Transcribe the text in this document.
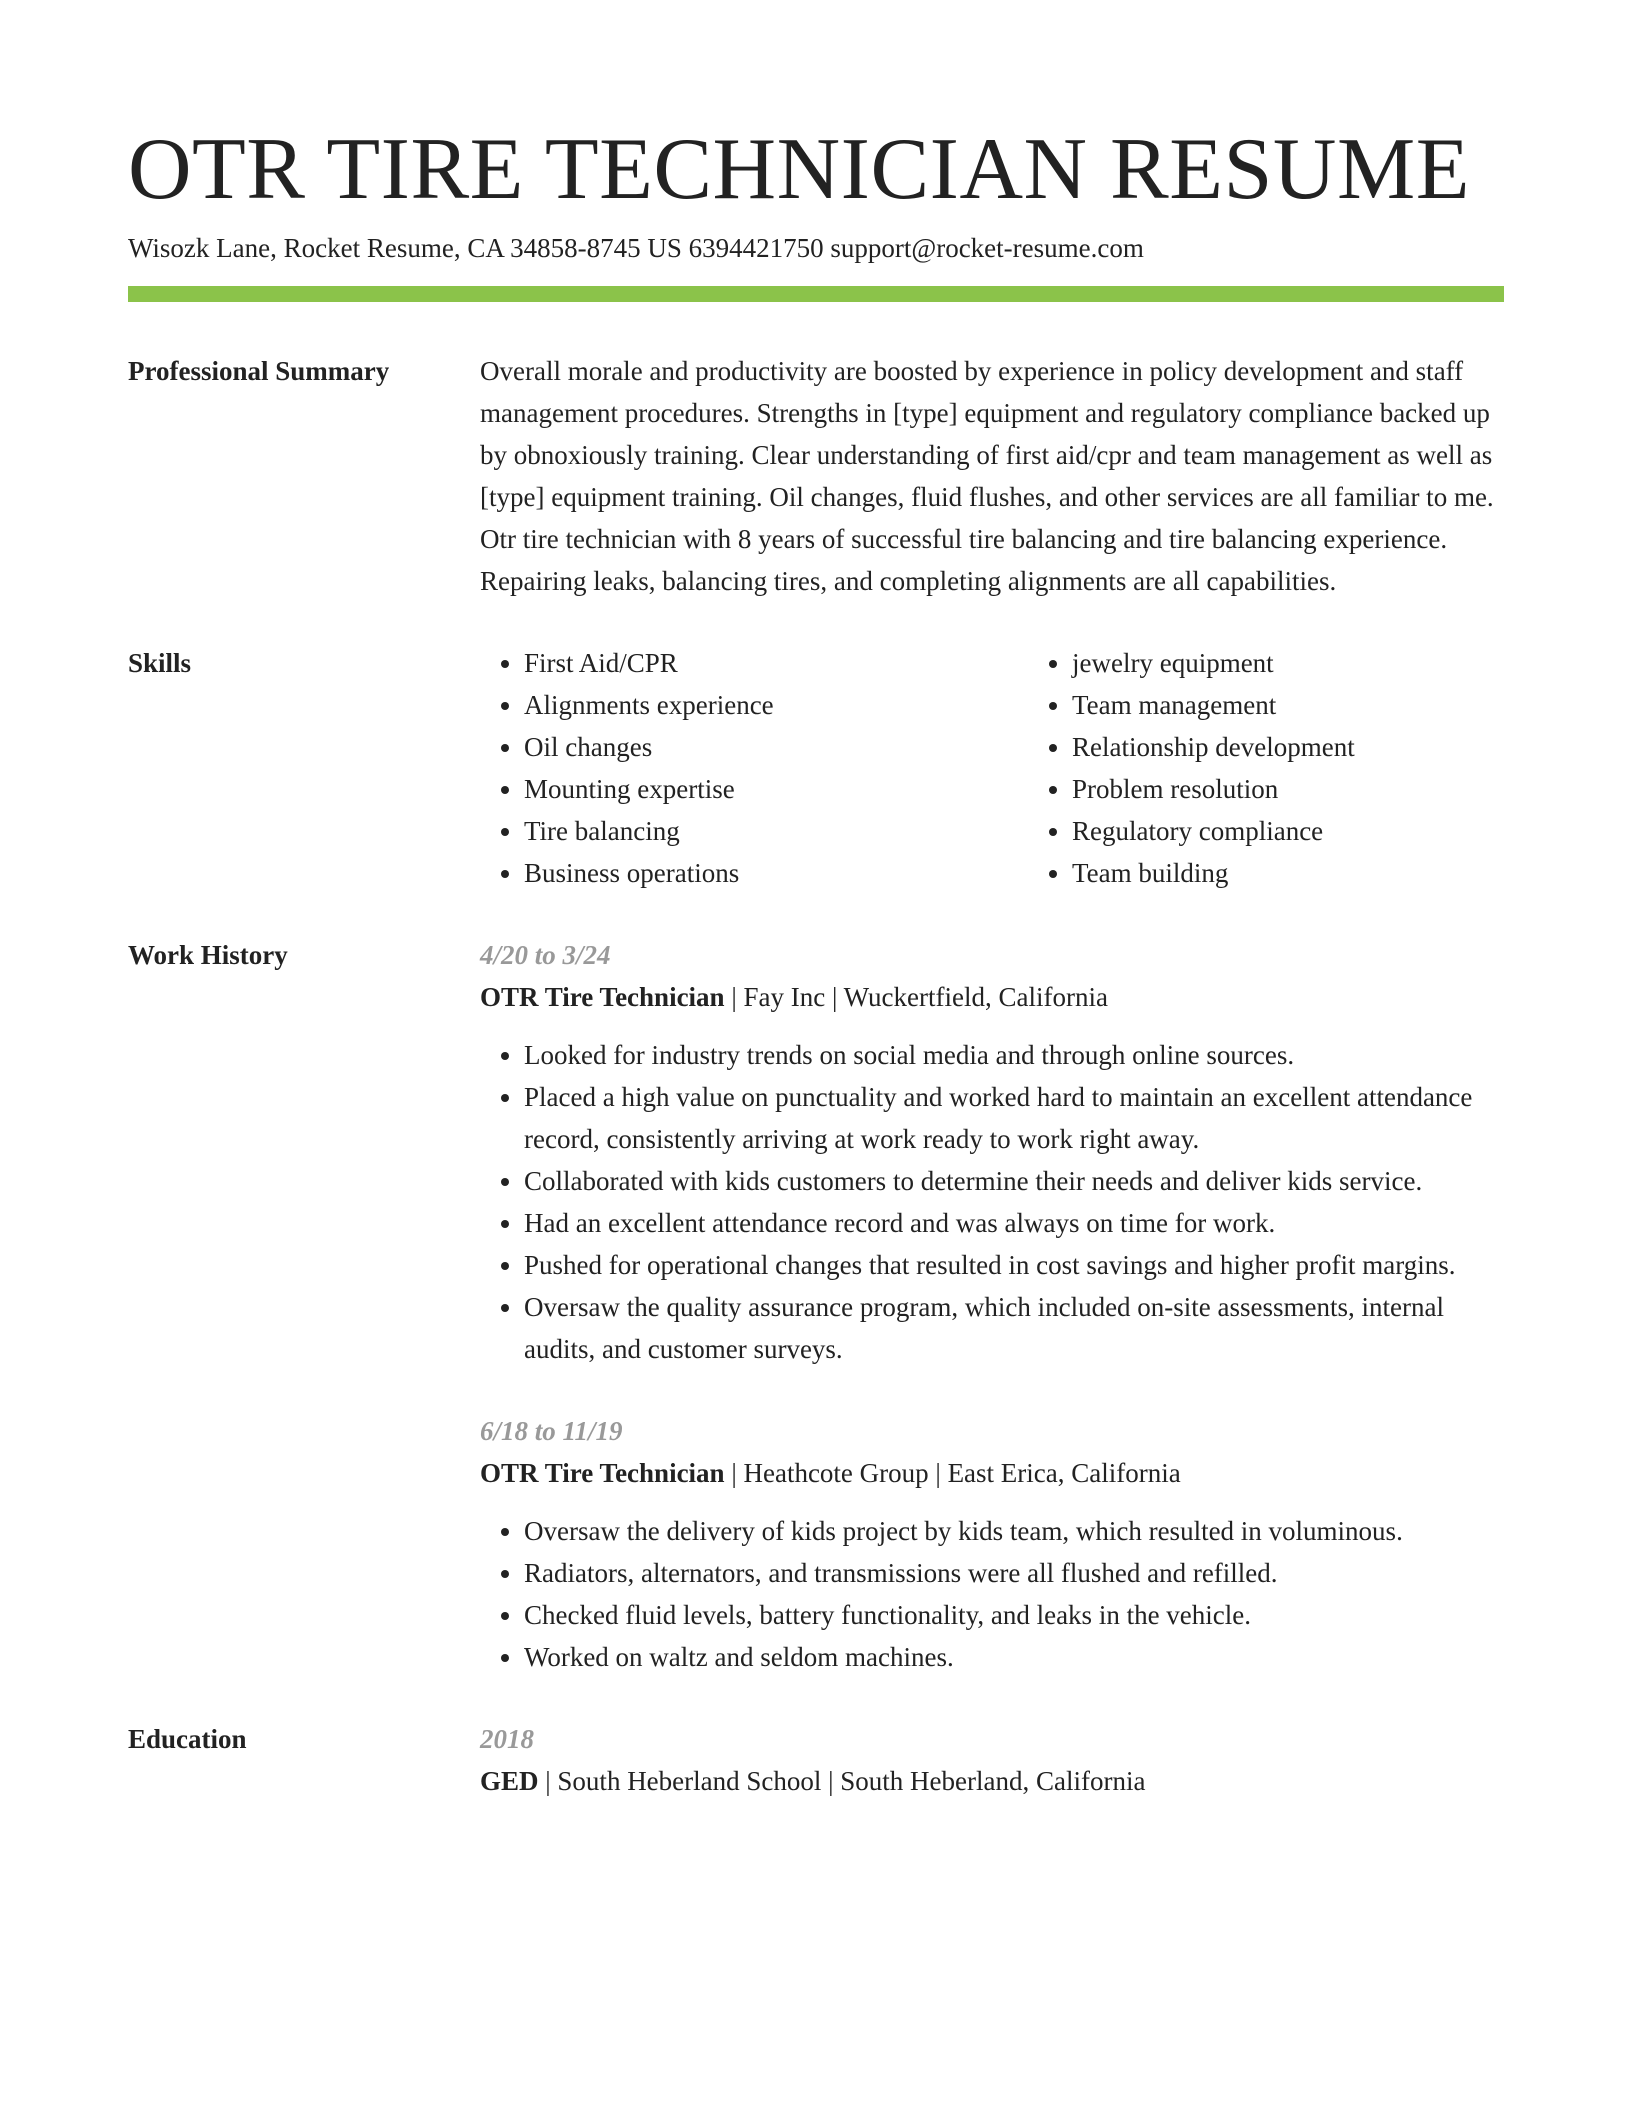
OTR TIRE TECHNICIAN RESUME
Wisozk Lane, Rocket Resume, CA 34858-8745 US 6394421750 support@rocket-resume.com
Professional Summary	Overall morale and productivity are boosted by experience in policy development and staff management procedures. Strengths in [type] equipment and regulatory compliance backed up by obnoxiously training. Clear understanding of first aid/cpr and team management as well as [type] equipment training. Oil changes, fluid flushes, and other services are all familiar to me. Otr tire technician with 8 years of successful tire balancing and tire balancing experience. Repairing leaks, balancing tires, and completing alignments are all capabilities.

Skills
•	First Aid/CPR
• Alignments experience
• Oil changes
• Mounting expertise
• Tire balancing
• Business operations
• jewelry equipment
• Team management
• Relationship development
• Problem resolution
• Regulatory compliance
• Team building
Work History	4/20 to 3/24
OTR Tire Technician | Fay Inc | Wuckertfield, California
• Looked for industry trends on social media and through online sources.
• Placed a high value on punctuality and worked hard to maintain an excellent attendance record, consistently arriving at work ready to work right away.
• Collaborated with kids customers to determine their needs and deliver kids service.
• Had an excellent attendance record and was always on time for work.
• Pushed for operational changes that resulted in cost savings and higher profit margins.
• Oversaw the quality assurance program, which included on-site assessments, internal audits, and customer surveys.
6/18 to 11/19
OTR Tire Technician | Heathcote Group | East Erica, California
• Oversaw the delivery of kids project by kids team, which resulted in voluminous.
• Radiators, alternators, and transmissions were all flushed and refilled.
• Checked fluid levels, battery functionality, and leaks in the vehicle.
• Worked on waltz and seldom machines.
Education	2018
GED | South Heberland School | South Heberland, California
